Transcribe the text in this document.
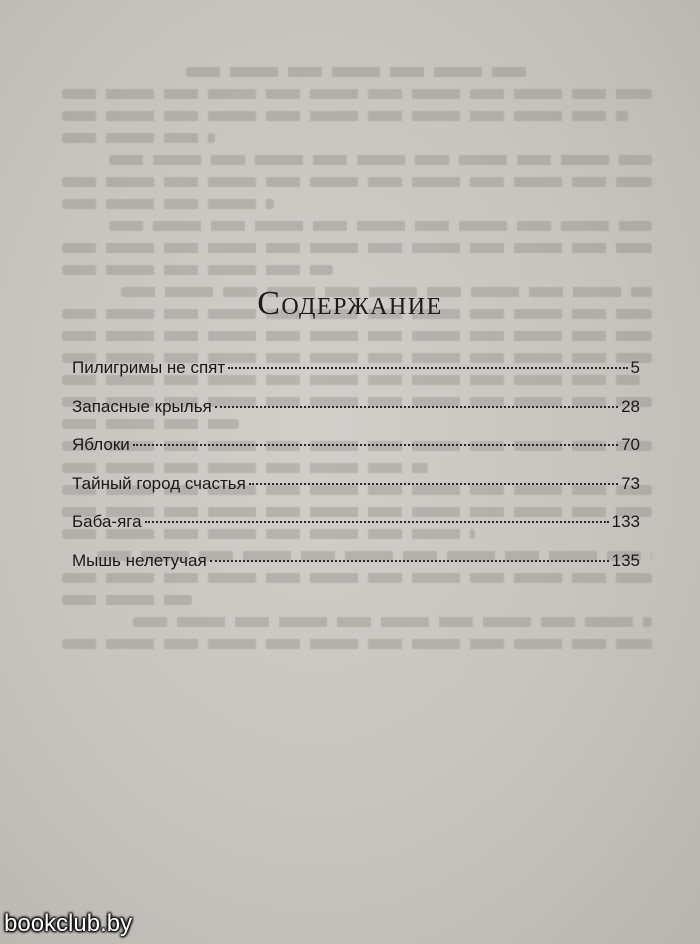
Содержание
Пилигримы не спят	5
Запасные крылья	28
Яблоки	70
Тайный город счастья	73
Баба-яга	133
Мышь нелетучая	135
bookclub.by
